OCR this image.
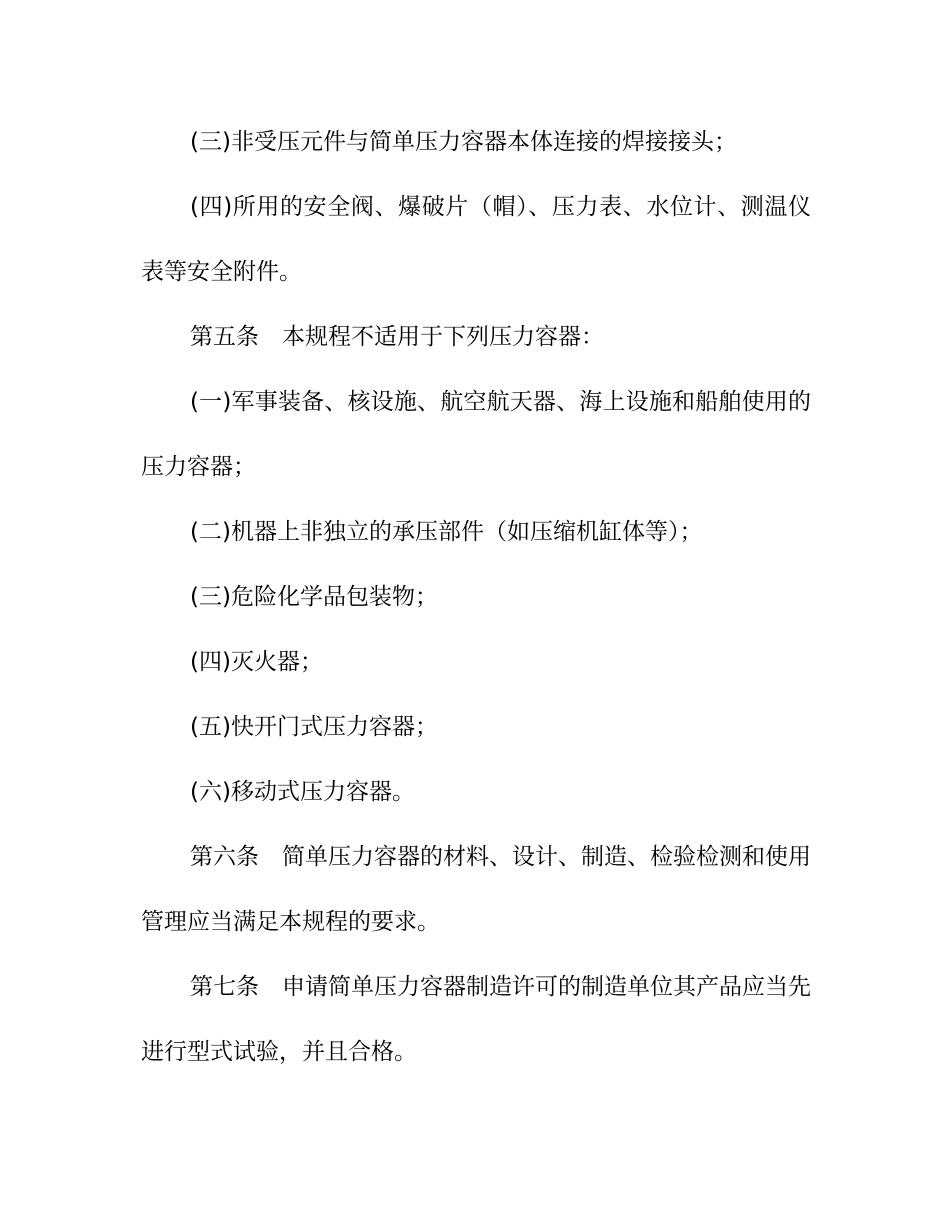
(三)非受压元件与简单压力容器本体连接的焊接接头；

(四)所用的安全阀、爆破片（帽）、压力表、水位计、测温仪表等安全附件。

第五条　本规程不适用于下列压力容器：

(一)军事装备、核设施、航空航天器、海上设施和船舶使用的压力容器；

(二)机器上非独立的承压部件（如压缩机缸体等）；

(三)危险化学品包装物；

(四)灭火器；

(五)快开门式压力容器；

(六)移动式压力容器。

第六条　简单压力容器的材料、设计、制造、检验检测和使用管理应当满足本规程的要求。

第七条　申请简单压力容器制造许可的制造单位其产品应当先进行型式试验，并且合格。
